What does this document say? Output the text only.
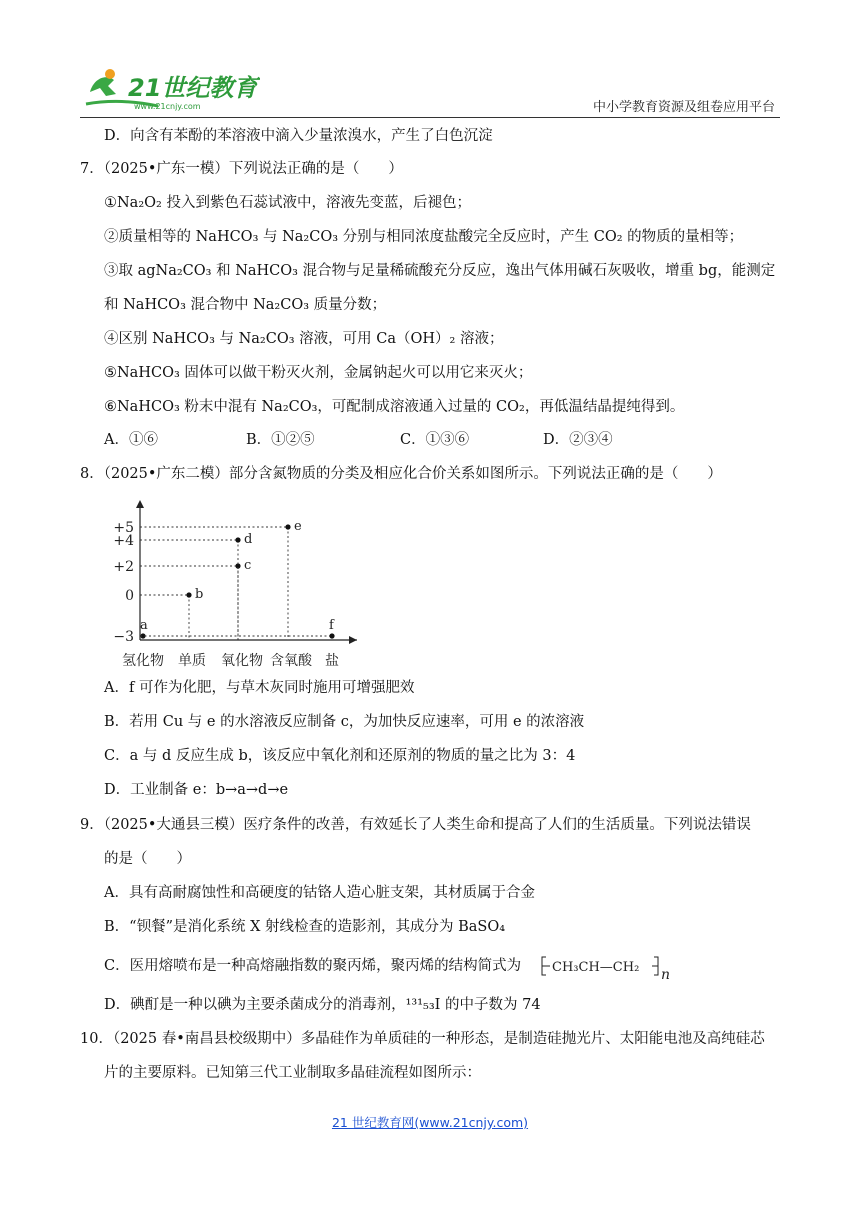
21世纪教育
www.21cnjy.com	中小学教育资源及组卷应用平台
D．向含有苯酚的苯溶液中滴入少量浓溴水，产生了白色沉淀
7．（2025•广东一模）下列说法正确的是（　　）
①Na₂O₂ 投入到紫色石蕊试液中，溶液先变蓝，后褪色；
②质量相等的 NaHCO₃ 与 Na₂CO₃ 分别与相同浓度盐酸完全反应时，产生 CO₂ 的物质的量相等；
③取 agNa₂CO₃ 和 NaHCO₃ 混合物与足量稀硫酸充分反应，逸出气体用碱石灰吸收，增重 bg，能测定
和 NaHCO₃ 混合物中 Na₂CO₃ 质量分数；
④区别 NaHCO₃ 与 Na₂CO₃ 溶液，可用 Ca（OH）₂ 溶液；
⑤NaHCO₃ 固体可以做干粉灭火剂，金属钠起火可以用它来灭火；
⑥NaHCO₃ 粉末中混有 Na₂CO₃，可配制成溶液通入过量的 CO₂，再低温结晶提纯得到。
A．①⑥	B．①②⑤	C．①③⑥	D．②③④
8．（2025•广东二模）部分含氮物质的分类及相应化合价关系如图所示。下列说法正确的是（　　）
+5
+4
+2
0
−3
氢化物 单质 氧化物 含氧酸 盐
a
b
c
d
e
f
A．f 可作为化肥，与草木灰同时施用可增强肥效
B．若用 Cu 与 e 的水溶液反应制备 c，为加快反应速率，可用 e 的浓溶液
C．a 与 d 反应生成 b，该反应中氧化剂和还原剂的物质的量之比为 3：4
D．工业制备 e：b→a→d→e
9．（2025•大通县三模）医疗条件的改善，有效延长了人类生命和提高了人们的生活质量。下列说法错误
的是（　　）
A．具有高耐腐蚀性和高硬度的钴铬人造心脏支架，其材质属于合金
B．“钡餐”是消化系统 X 射线检查的造影剂，其成分为 BaSO₄
C．医用熔喷布是一种高熔融指数的聚丙烯，聚丙烯的结构简式为 CH₃CH—CH₂ n
D．碘酊是一种以碘为主要杀菌成分的消毒剂，¹³¹₅₃I 的中子数为 74
10．（2025 春•南昌县校级期中）多晶硅作为单质硅的一种形态，是制造硅抛光片、太阳能电池及高纯硅芯
片的主要原料。已知第三代工业制取多晶硅流程如图所示：
21 世纪教育网(www.21cnjy.com)
